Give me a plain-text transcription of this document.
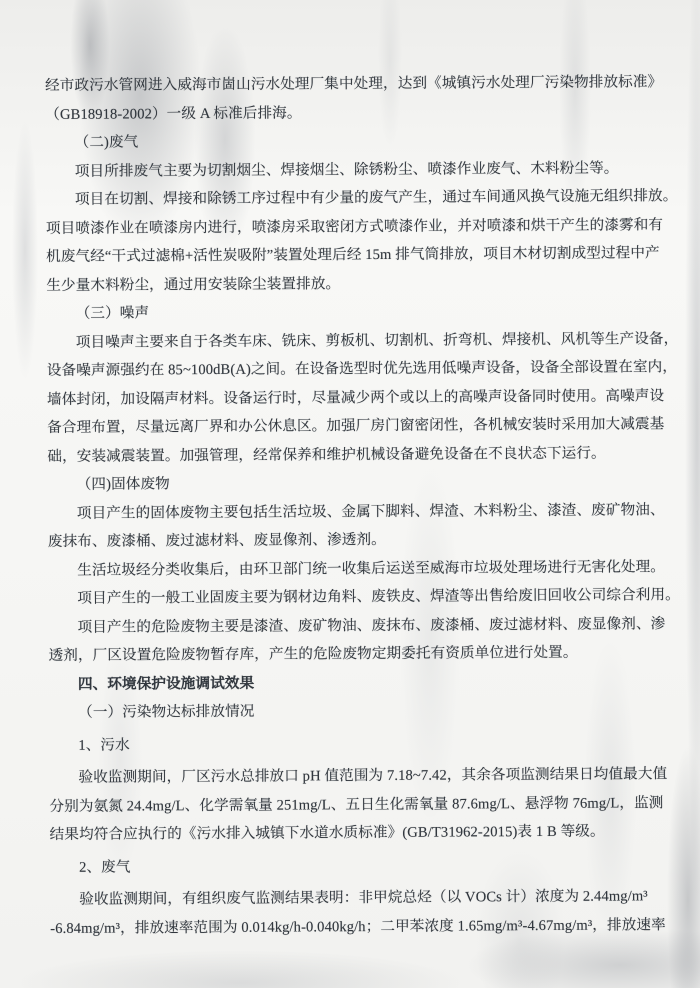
经市政污水管网进入威海市崮山污水处理厂集中处理，达到《城镇污水处理厂污染物排放标准》
（GB18918-2002）一级 A 标准后排海。
（二)废气
项目所排废气主要为切割烟尘、焊接烟尘、除锈粉尘、喷漆作业废气、木料粉尘等。
项目在切割、焊接和除锈工序过程中有少量的废气产生，通过车间通风换气设施无组织排放。
项目喷漆作业在喷漆房内进行，喷漆房采取密闭方式喷漆作业，并对喷漆和烘干产生的漆雾和有
机废气经“干式过滤棉+活性炭吸附”装置处理后经 15m 排气筒排放，项目木材切割成型过程中产
生少量木料粉尘，通过用安装除尘装置排放。
（三）噪声
项目噪声主要来自于各类车床、铣床、剪板机、切割机、折弯机、焊接机、风机等生产设备，
设备噪声源强约在 85~100dB(A)之间。在设备选型时优先选用低噪声设备，设备全部设置在室内，
墙体封闭，加设隔声材料。设备运行时，尽量减少两个或以上的高噪声设备同时使用。高噪声设
备合理布置，尽量远离厂界和办公休息区。加强厂房门窗密闭性，各机械安装时采用加大减震基
础，安装减震装置。加强管理，经常保养和维护机械设备避免设备在不良状态下运行。
（四)固体废物
项目产生的固体废物主要包括生活垃圾、金属下脚料、焊渣、木料粉尘、漆渣、废矿物油、
废抹布、废漆桶、废过滤材料、废显像剂、渗透剂。
生活垃圾经分类收集后，由环卫部门统一收集后运送至威海市垃圾处理场进行无害化处理。
项目产生的一般工业固废主要为钢材边角料、废铁皮、焊渣等出售给废旧回收公司综合利用。
项目产生的危险废物主要是漆渣、废矿物油、废抹布、废漆桶、废过滤材料、废显像剂、渗
透剂，厂区设置危险废物暂存库，产生的危险废物定期委托有资质单位进行处置。
四、环境保护设施调试效果
（一）污染物达标排放情况
1、污水
验收监测期间，厂区污水总排放口 pH 值范围为 7.18~7.42，其余各项监测结果日均值最大值
分别为氨氮 24.4mg/L、化学需氧量 251mg/L、五日生化需氧量 87.6mg/L、悬浮物 76mg/L，监测
结果均符合应执行的《污水排入城镇下水道水质标准》(GB/T31962-2015)表 1 B 等级。
2、废气
验收监测期间，有组织废气监测结果表明：非甲烷总烃（以 VOCs 计）浓度为 2.44mg/m³
-6.84mg/m³，排放速率范围为 0.014kg/h-0.040kg/h；二甲苯浓度 1.65mg/m³-4.67mg/m³，排放速率
